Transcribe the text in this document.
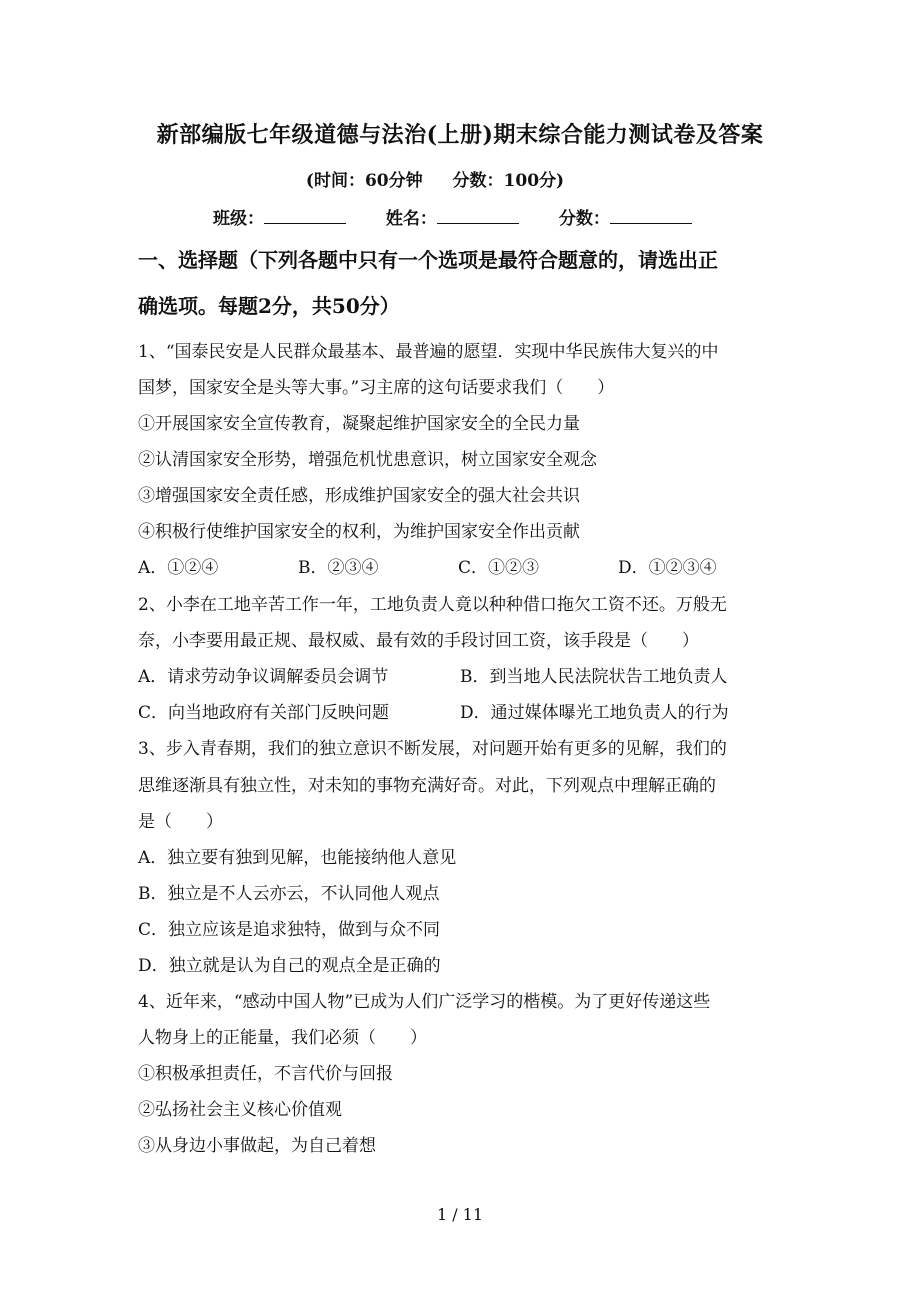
新部编版七年级道德与法治(上册)期末综合能力测试卷及答案
(时间：60分钟 分数：100分)
班级：	姓名：	分数：
一、选择题（下列各题中只有一个选项是最符合题意的，请选出正
确选项。每题2分，共50分）
1、“国泰民安是人民群众最基本、最普遍的愿望．实现中华民族伟大复兴的中
国梦，国家安全是头等大事。”习主席的这句话要求我们（　　）
①开展国家安全宣传教育，凝聚起维护国家安全的全民力量
②认清国家安全形势，增强危机忧患意识，树立国家安全观念
③增强国家安全责任感，形成维护国家安全的强大社会共识
④积极行使维护国家安全的权利，为维护国家安全作出贡献
A．①②④	B．②③④	C．①②③	D．①②③④
2、小李在工地辛苦工作一年，工地负责人竟以种种借口拖欠工资不还。万般无
奈，小李要用最正规、最权威、最有效的手段讨回工资，该手段是（　　）
A．请求劳动争议调解委员会调节	B．到当地人民法院状告工地负责人
C．向当地政府有关部门反映问题	D．通过媒体曝光工地负责人的行为
3、步入青春期，我们的独立意识不断发展，对问题开始有更多的见解，我们的
思维逐渐具有独立性，对未知的事物充满好奇。对此，下列观点中理解正确的
是（　　）
A．独立要有独到见解，也能接纳他人意见
B．独立是不人云亦云，不认同他人观点
C．独立应该是追求独特，做到与众不同
D．独立就是认为自己的观点全是正确的
4、近年来，“感动中国人物”已成为人们广泛学习的楷模。为了更好传递这些
人物身上的正能量，我们必须（　　）
①积极承担责任，不言代价与回报
②弘扬社会主义核心价值观
③从身边小事做起，为自己着想
1 / 11
